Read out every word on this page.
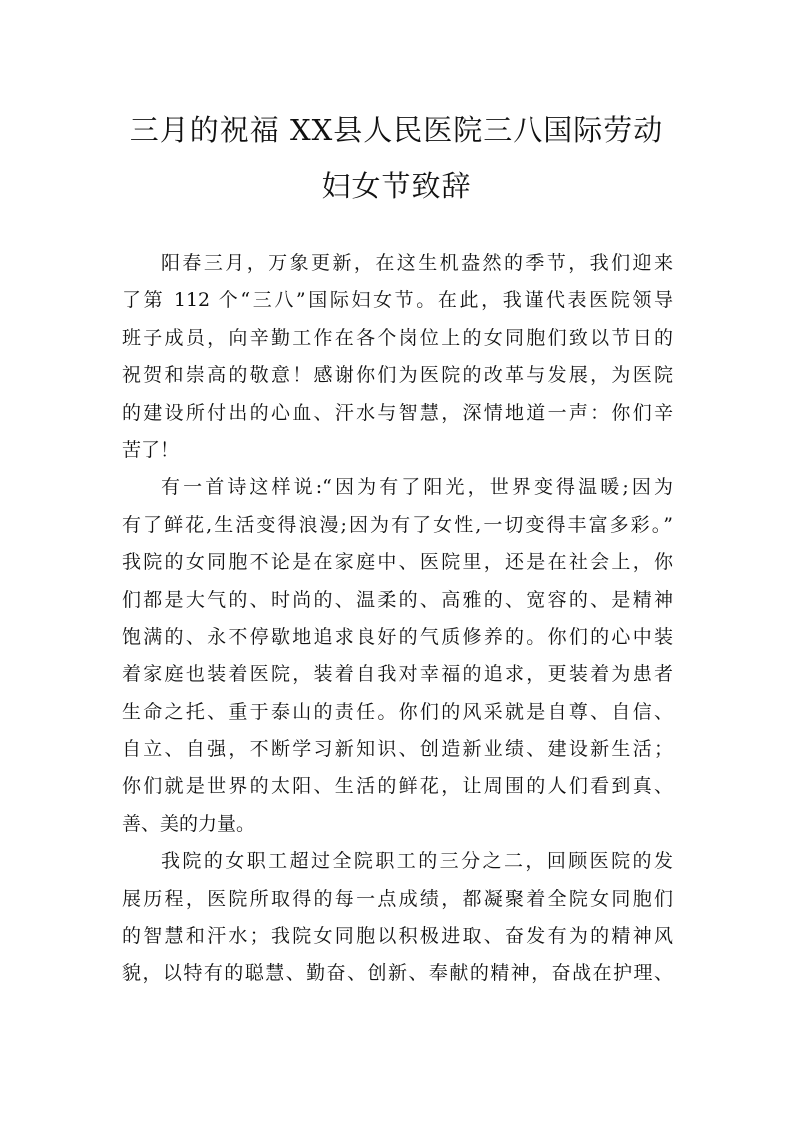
三月的祝福 XX县人民医院三八国际劳动
妇女节致辞
阳春三月，万象更新，在这生机盎然的季节，我们迎来
了第 112 个“三八”国际妇女节。在此，我谨代表医院领导
班子成员，向辛勤工作在各个岗位上的女同胞们致以节日的
祝贺和崇高的敬意！感谢你们为医院的改革与发展，为医院
的建设所付出的心血、汗水与智慧，深情地道一声：你们辛
苦了！
有一首诗这样说:“因为有了阳光，世界变得温暖;因为
有了鲜花,生活变得浪漫;因为有了女性,一切变得丰富多彩。”
我院的女同胞不论是在家庭中、医院里，还是在社会上，你
们都是大气的、时尚的、温柔的、高雅的、宽容的、是精神
饱满的、永不停歇地追求良好的气质修养的。你们的心中装
着家庭也装着医院，装着自我对幸福的追求，更装着为患者
生命之托、重于泰山的责任。你们的风采就是自尊、自信、
自立、自强，不断学习新知识、创造新业绩、建设新生活；
你们就是世界的太阳、生活的鲜花，让周围的人们看到真、
善、美的力量。
我院的女职工超过全院职工的三分之二，回顾医院的发
展历程，医院所取得的每一点成绩，都凝聚着全院女同胞们
的智慧和汗水；我院女同胞以积极进取、奋发有为的精神风
貌，以特有的聪慧、勤奋、创新、奉献的精神，奋战在护理、
